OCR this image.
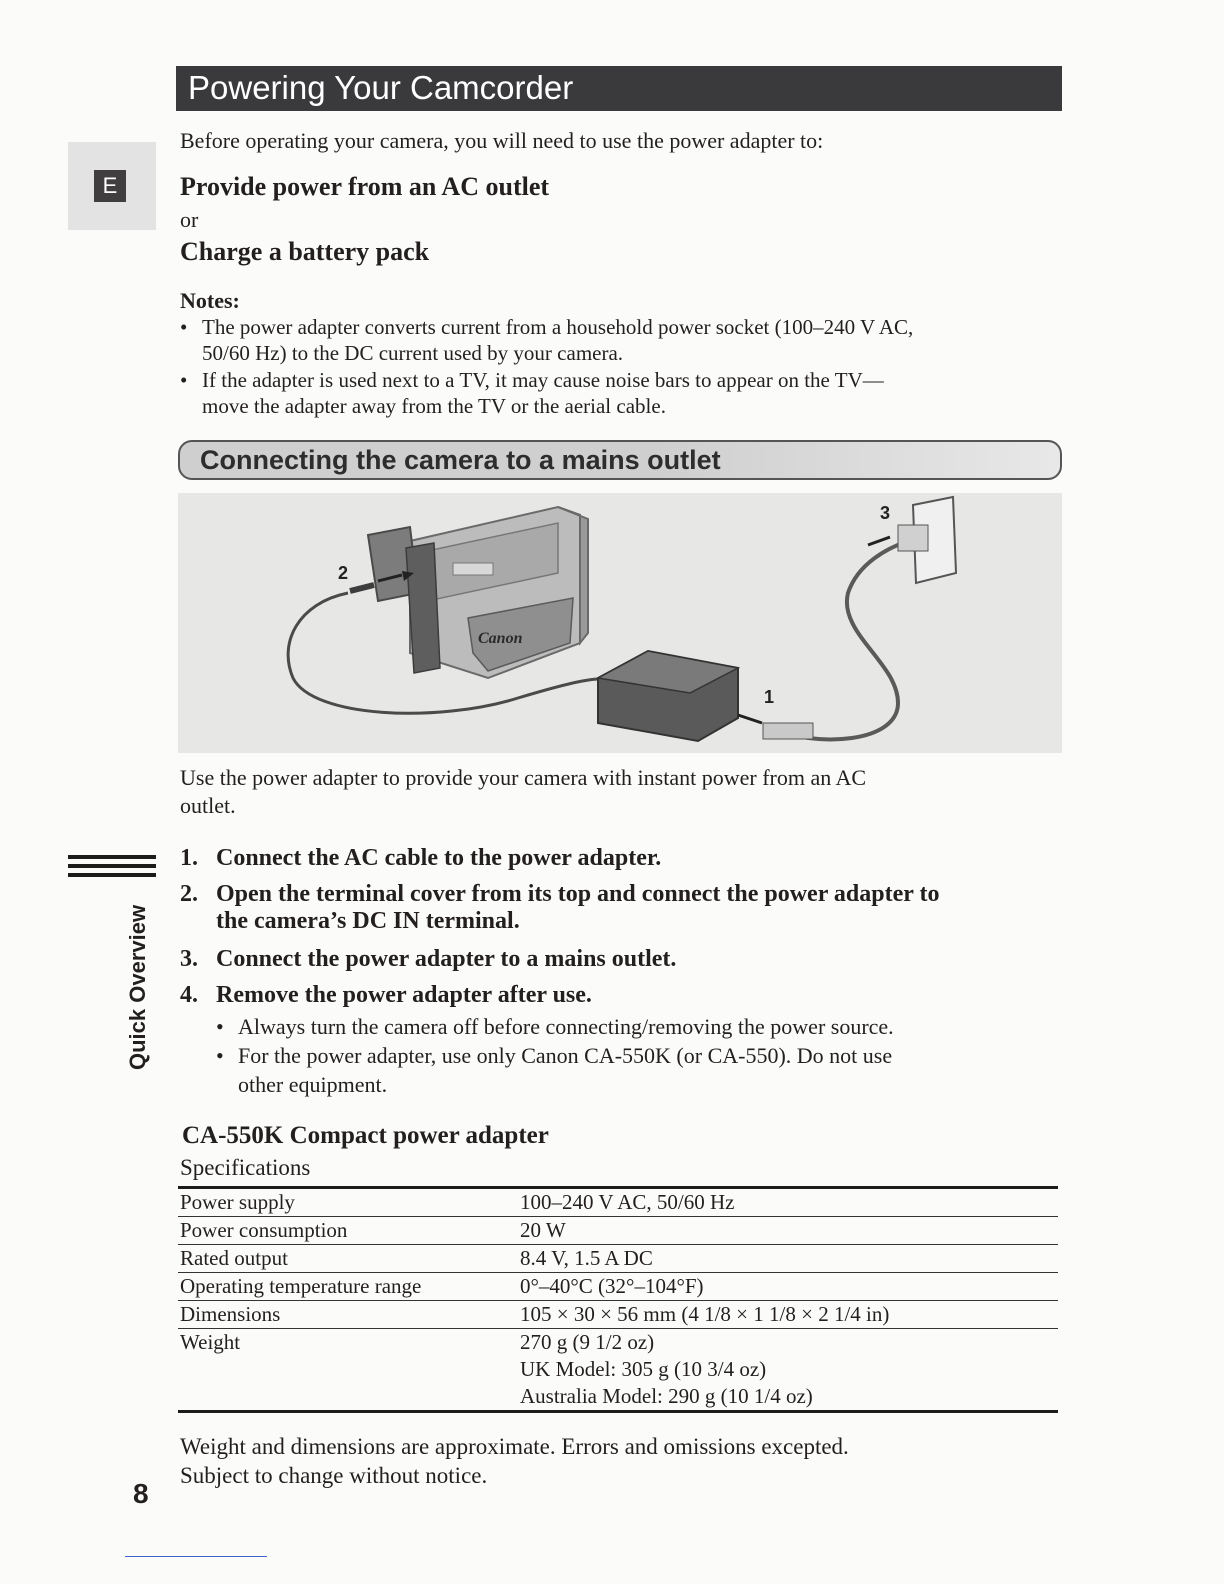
Powering Your Camcorder
E
Before operating your camera, you will need to use the power adapter to:
Provide power from an AC outlet
or
Charge a battery pack
Notes:
• The power adapter converts current from a household power socket (100–240 V AC,
50/60 Hz) to the DC current used by your camera.
• If the adapter is used next to a TV, it may cause noise bars to appear on the TV—
move the adapter away from the TV or the aerial cable.
Connecting the camera to a mains outlet
Canon
2
1
3
Use the power adapter to provide your camera with instant power from an AC
outlet.
Quick Overview
1. Connect the AC cable to the power adapter.
2. Open the terminal cover from its top and connect the power adapter to
the camera’s DC IN terminal.
3. Connect the power adapter to a mains outlet.
4. Remove the power adapter after use.
• Always turn the camera off before connecting/removing the power source.
• For the power adapter, use only Canon CA-550K (or CA-550). Do not use
other equipment.
CA-550K Compact power adapter
Specifications
Power supply	100–240 V AC, 50/60 Hz
Power consumption	20 W
Rated output	8.4 V, 1.5 A DC
Operating temperature range	0°–40°C (32°–104°F)
Dimensions	105 × 30 × 56 mm (4 1/8 × 1 1/8 × 2 1/4 in)
Weight	270 g (9 1/2 oz)
UK Model: 305 g (10 3/4 oz)
Australia Model: 290 g (10 1/4 oz)
Weight and dimensions are approximate. Errors and omissions excepted.
Subject to change without notice.
8
